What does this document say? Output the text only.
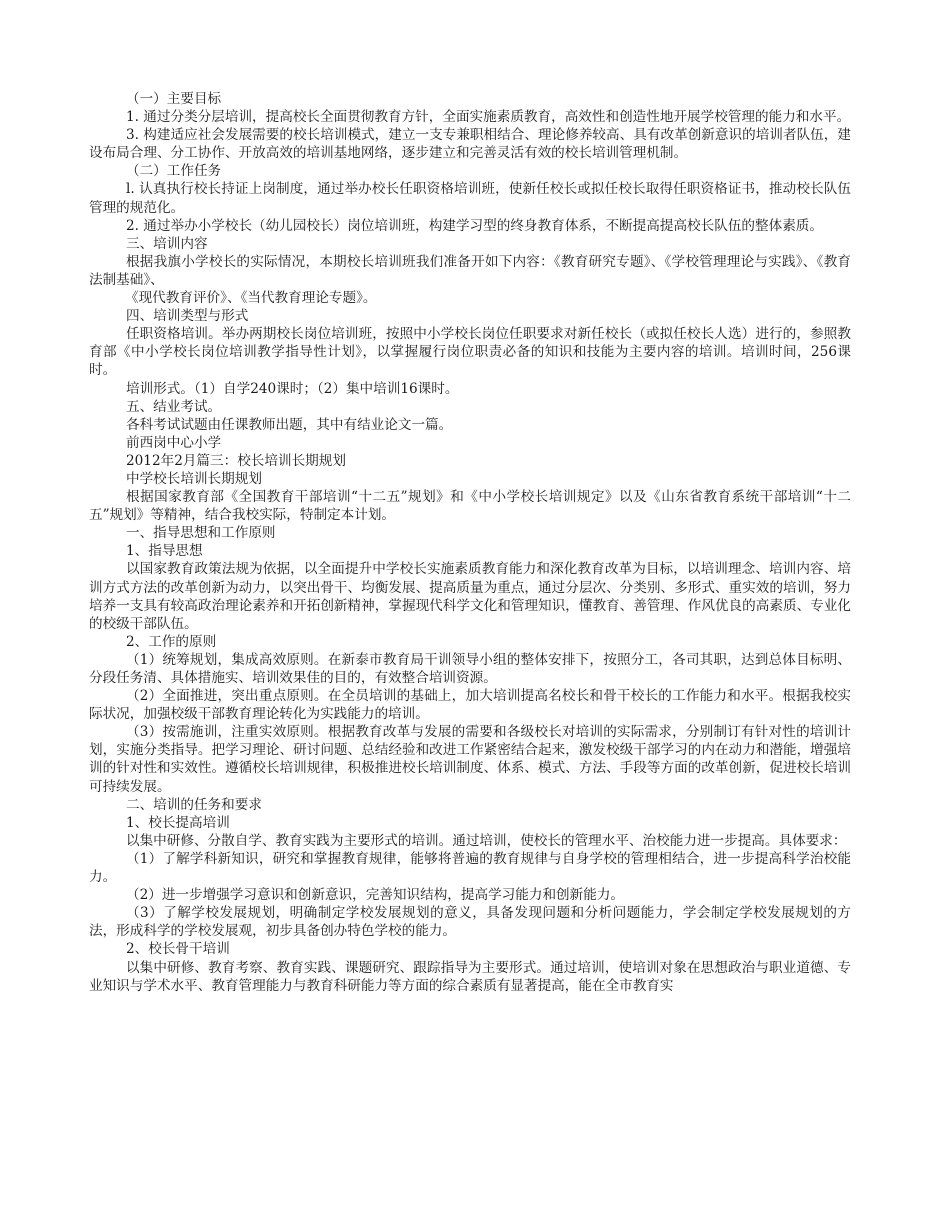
（一）主要目标

1. 通过分类分层培训，提高校长全面贯彻教育方针，全面实施素质教育，高效性和创造性地开展学校管理的能力和水平。

3. 构建适应社会发展需要的校长培训模式，建立一支专兼职相结合、理论修养较高、具有改革创新意识的培训者队伍，建设布局合理、分工协作、开放高效的培训基地网络，逐步建立和完善灵活有效的校长培训管理机制。

（二）工作任务

l. 认真执行校长持证上岗制度，通过举办校长任职资格培训班，使新任校长或拟任校长取得任职资格证书，推动校长队伍管理的规范化。

2. 通过举办小学校长（幼儿园校长）岗位培训班，构建学习型的终身教育体系，不断提高提高校长队伍的整体素质。

三、培训内容

根据我旗小学校长的实际情况，本期校长培训班我们准备开如下内容：《教育研究专题》、《学校管理理论与实践》、《教育法制基础》、

《现代教育评价》、《当代教育理论专题》。

四、培训类型与形式

任职资格培训。举办两期校长岗位培训班，按照中小学校长岗位任职要求对新任校长（或拟任校长人选）进行的，参照教育部《中小学校长岗位培训教学指导性计划》，以掌握履行岗位职责必备的知识和技能为主要内容的培训。培训时间，256课时。

培训形式。（1）自学240课时；（2）集中培训16课时。

五、结业考试。

各科考试试题由任课教师出题，其中有结业论文一篇。

前西岗中心小学

2012年2月篇三：校长培训长期规划

中学校长培训长期规划

根据国家教育部《全国教育干部培训“十二五”规划》和《中小学校长培训规定》以及《山东省教育系统干部培训“十二五”规划》等精神，结合我校实际，特制定本计划。

一、指导思想和工作原则

1、指导思想

以国家教育政策法规为依据，以全面提升中学校长实施素质教育能力和深化教育改革为目标，以培训理念、培训内容、培训方式方法的改革创新为动力，以突出骨干、均衡发展、提高质量为重点，通过分层次、分类别、多形式、重实效的培训，努力培养一支具有较高政治理论素养和开拓创新精神，掌握现代科学文化和管理知识，懂教育、善管理、作风优良的高素质、专业化的校级干部队伍。

2、工作的原则

（1）统筹规划，集成高效原则。在新泰市教育局干训领导小组的整体安排下，按照分工，各司其职，达到总体目标明、分段任务清、具体措施实、培训效果佳的目的，有效整合培训资源。

（2）全面推进，突出重点原则。在全员培训的基础上，加大培训提高名校长和骨干校长的工作能力和水平。根据我校实际状况，加强校级干部教育理论转化为实践能力的培训。

（3）按需施训，注重实效原则。根据教育改革与发展的需要和各级校长对培训的实际需求，分别制订有针对性的培训计划，实施分类指导。把学习理论、研讨问题、总结经验和改进工作紧密结合起来，激发校级干部学习的内在动力和潜能，增强培训的针对性和实效性。遵循校长培训规律，积极推进校长培训制度、体系、模式、方法、手段等方面的改革创新，促进校长培训可持续发展。

二、培训的任务和要求

1、校长提高培训

以集中研修、分散自学、教育实践为主要形式的培训。通过培训，使校长的管理水平、治校能力进一步提高。具体要求：

（1）了解学科新知识，研究和掌握教育规律，能够将普遍的教育规律与自身学校的管理相结合，进一步提高科学治校能力。

（2）进一步增强学习意识和创新意识，完善知识结构，提高学习能力和创新能力。

（3）了解学校发展规划，明确制定学校发展规划的意义，具备发现问题和分析问题能力，学会制定学校发展规划的方法，形成科学的学校发展观，初步具备创办特色学校的能力。

2、校长骨干培训

以集中研修、教育考察、教育实践、课题研究、跟踪指导为主要形式。通过培训，使培训对象在思想政治与职业道德、专业知识与学术水平、教育管理能力与教育科研能力等方面的综合素质有显著提高，能在全市教育实
